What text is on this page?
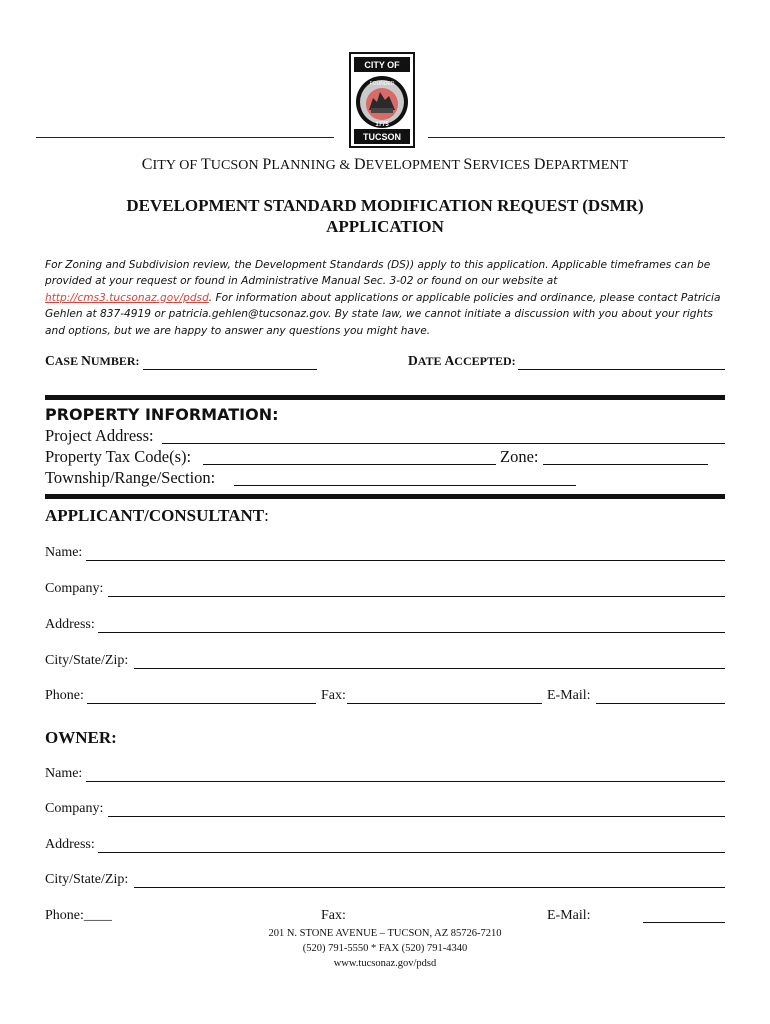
CITY OF
FOUNDED
1775
TUCSON
CITY OF TUCSON PLANNING & DEVELOPMENT SERVICES DEPARTMENT
DEVELOPMENT STANDARD MODIFICATION REQUEST (DSMR)
APPLICATION
For Zoning and Subdivision review, the Development Standards (DS)) apply to this application. Applicable timeframes can be provided at your request or found in Administrative Manual Sec. 3-02 or found on our website at http://cms3.tucsonaz.gov/pdsd. For information about applications or applicable policies and ordinance, please contact Patricia Gehlen at 837-4919 or patricia.gehlen@tucsonaz.gov. By state law, we cannot initiate a discussion with you about your rights and options, but we are happy to answer any questions you might have.
CASE NUMBER:	DATE ACCEPTED:
PROPERTY INFORMATION:
Project Address:
Property Tax Code(s):	Zone:
Township/Range/Section:
APPLICANT/CONSULTANT:
Name:
Company:
Address:
City/State/Zip:
Phone:	Fax:	E-Mail:
OWNER:
Name:
Company:
Address:
City/State/Zip:
Phone:____	Fax:	E-Mail:
201 N. STONE AVENUE – TUCSON, AZ 85726-7210
(520) 791-5550 * FAX (520) 791-4340
www.tucsonaz.gov/pdsd
